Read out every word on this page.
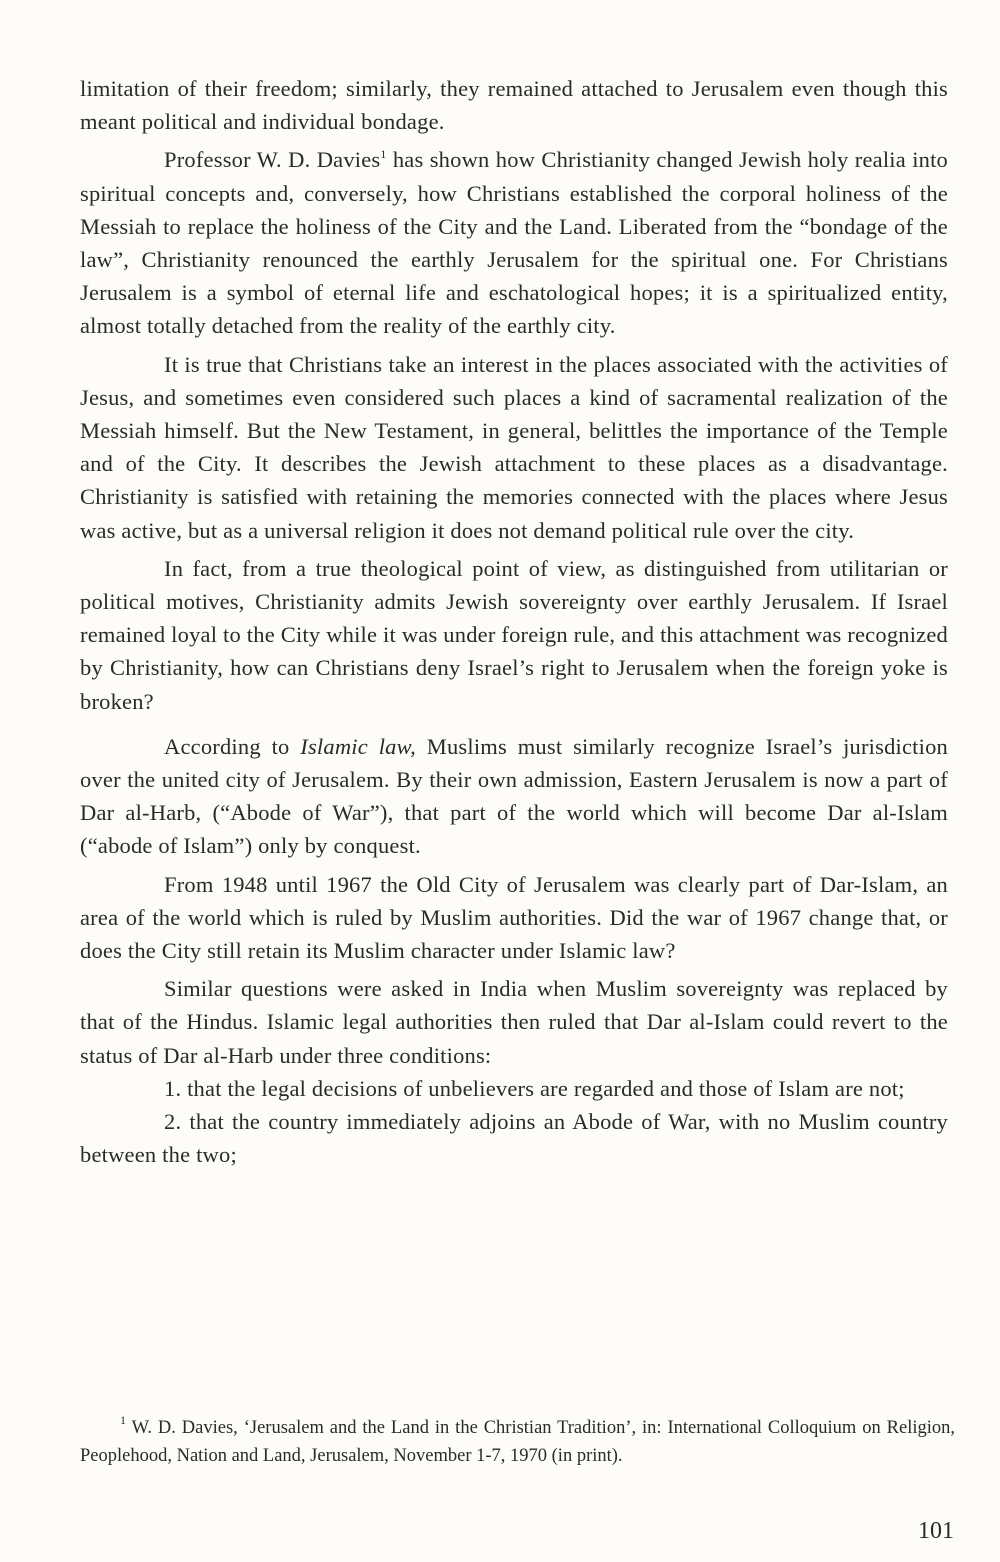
limitation of their freedom; similarly, they remained attached to Jerusalem even though this meant political and individual bondage.

Professor W. D. Davies$^1$ has shown how Christianity changed Jewish holy realia into spiritual concepts and, conversely, how Christians established the corporal holiness of the Messiah to replace the holiness of the City and the Land. Liberated from the “bondage of the law”, Christianity renounced the earthly Jerusalem for the spiritual one. For Christians Jerusalem is a symbol of eternal life and eschatological hopes; it is a spiritualized entity, almost totally detached from the reality of the earthly city.

It is true that Christians take an interest in the places associated with the activities of Jesus, and sometimes even considered such places a kind of sacramental realization of the Messiah himself. But the New Testament, in general, belittles the importance of the Temple and of the City. It describes the Jewish attachment to these places as a disadvantage. Christianity is satisfied with retaining the memories connected with the places where Jesus was active, but as a universal religion it does not demand political rule over the city.

In fact, from a true theological point of view, as distinguished from utilitarian or political motives, Christianity admits Jewish sovereignty over earthly Jerusalem. If Israel remained loyal to the City while it was under foreign rule, and this attachment was recognized by Christianity, how can Christians deny Israel’s right to Jerusalem when the foreign yoke is broken?

According to Islamic law, Muslims must similarly recognize Israel’s jurisdiction over the united city of Jerusalem. By their own admission, Eastern Jerusalem is now a part of Dar al-Harb, (“Abode of War”), that part of the world which will become Dar al-Islam (“abode of Islam”) only by conquest.

From 1948 until 1967 the Old City of Jerusalem was clearly part of Dar-Islam, an area of the world which is ruled by Muslim authorities. Did the war of 1967 change that, or does the City still retain its Muslim character under Islamic law?

Similar questions were asked in India when Muslim sovereignty was replaced by that of the Hindus. Islamic legal authorities then ruled that Dar al-Islam could revert to the status of Dar al-Harb under three conditions:

1. that the legal decisions of unbelievers are regarded and those of Islam are not;

2. that the country immediately adjoins an Abode of War, with no Muslim country between the two;

$^1$ W. D. Davies, ‘Jerusalem and the Land in the Christian Tradition’, in: International Colloquium on Religion, Peoplehood, Nation and Land, Jerusalem, November 1-7, 1970 (in print).

101
